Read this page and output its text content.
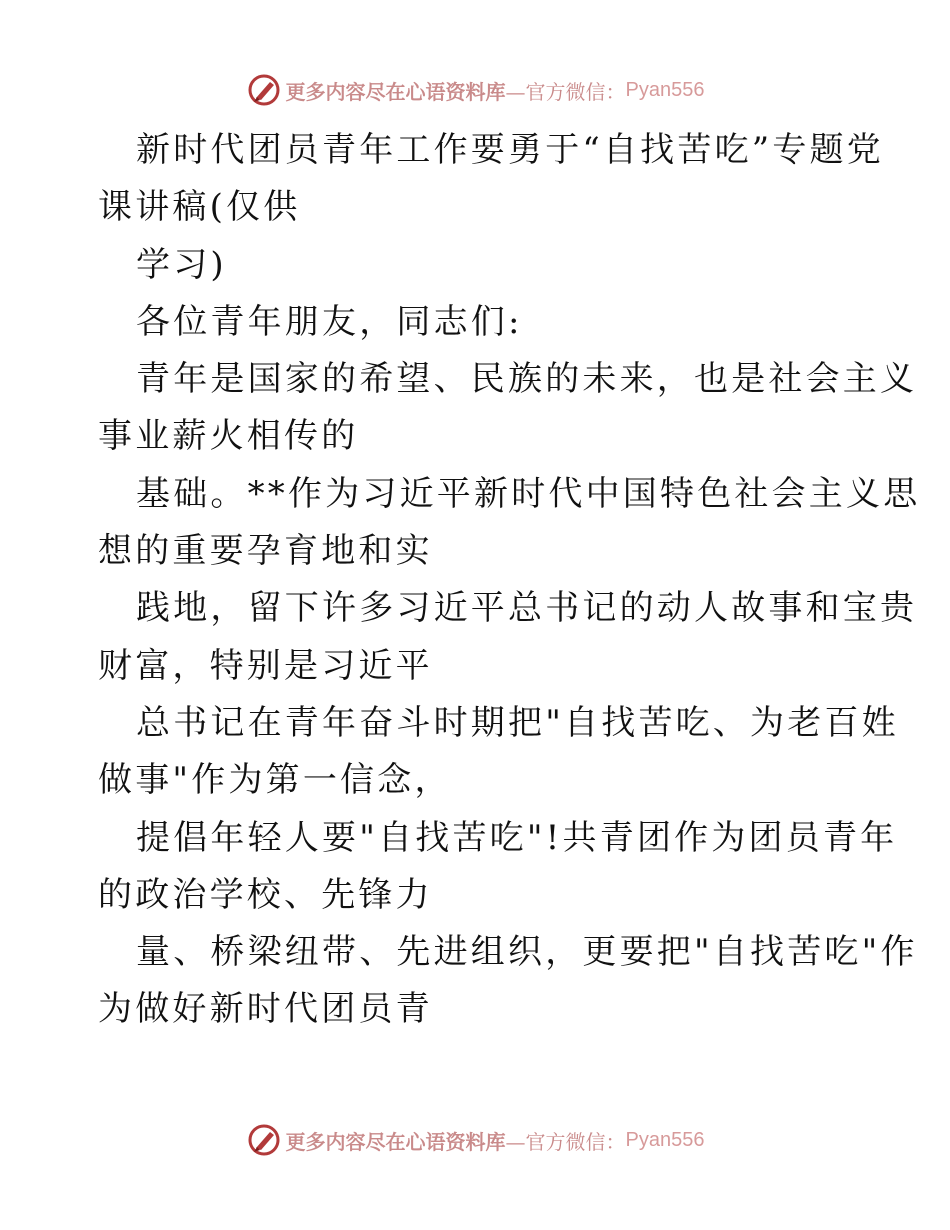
更多内容尽在心语资料库 —官方微信： Pyan556
新时代团员青年工作要勇于“自找苦吃”专题党
课讲稿(仅供
学习)
各位青年朋友，同志们:
青年是国家的希望、民族的未来，也是社会主义
事业薪火相传的
基础。**作为习近平新时代中国特色社会主义思
想的重要孕育地和实
践地，留下许多习近平总书记的动人故事和宝贵
财富，特别是习近平
总书记在青年奋斗时期把"自找苦吃、为老百姓
做事"作为第一信念，
提倡年轻人要"自找苦吃"!共青团作为团员青年
的政治学校、先锋力
量、桥梁纽带、先进组织，更要把"自找苦吃"作
为做好新时代团员青
更多内容尽在心语资料库 —官方微信： Pyan556
